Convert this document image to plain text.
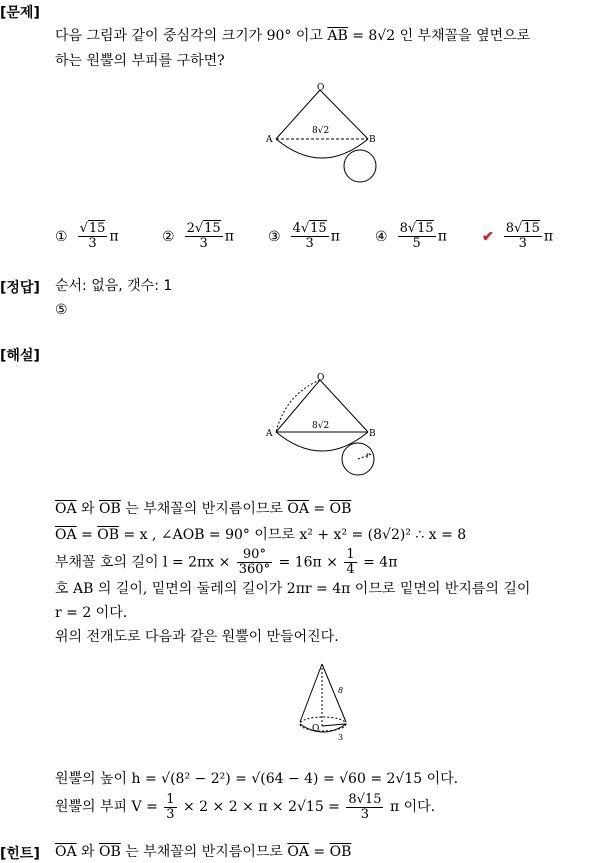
[문제]
다음 그림과 같이 중심각의 크기가 90° 이고 $\overline{AB} = 8√2$ 인 부채꼴을 옆면으로
하는 원뿔의 부피를 구하면?
O
A	B
8√2
① $\frac{√15}{3}$ π	② $\frac{2√15}{3}$ π ③ $\frac{4√15}{3}$ π	④ $\frac{8√15}{5}$ π	✔ $\frac{8√15}{3}$ π
[정답] 순서: 없음, 갯수: 1
⑤
[해설]
O
A	B
8√2
r
$\overline{OA}$ 와 $\overline{OB}$ 는 부채꼴의 반지름이므로 $\overline{OA} = \overline{OB}$
$\overline{OA} = \overline{OB} = x$ , ∠AOB = 90° 이므로 x² + x² = (8√2)² ∴ x = 8
부채꼴 호의 길이 $l = 2\pi x \times \frac{90^\circ}{360^\circ} = 16\pi \times \frac{1}{4} = 4\pi$
호 AB 의 길이, 밑면의 둘레의 길이가 2πr = 4π 이므로 밑면의 반지름의 길이
r = 2 이다.
위의 전개도로 다음과 같은 원뿔이 만들어진다.
O
8
3
원뿔의 높이 h = √(8² − 2²) = √(64 − 4) = √60 = 2√15 이다.
원뿔의 부피 $V = \frac{1}{3} \times 2 \times 2 \times \pi \times 2√15 = \frac{8√15}{3}$ π 이다.
[힌트] $\overline{OA}$ 와 $\overline{OB}$ 는 부채꼴의 반지름이므로 $\overline{OA} = \overline{OB}$
